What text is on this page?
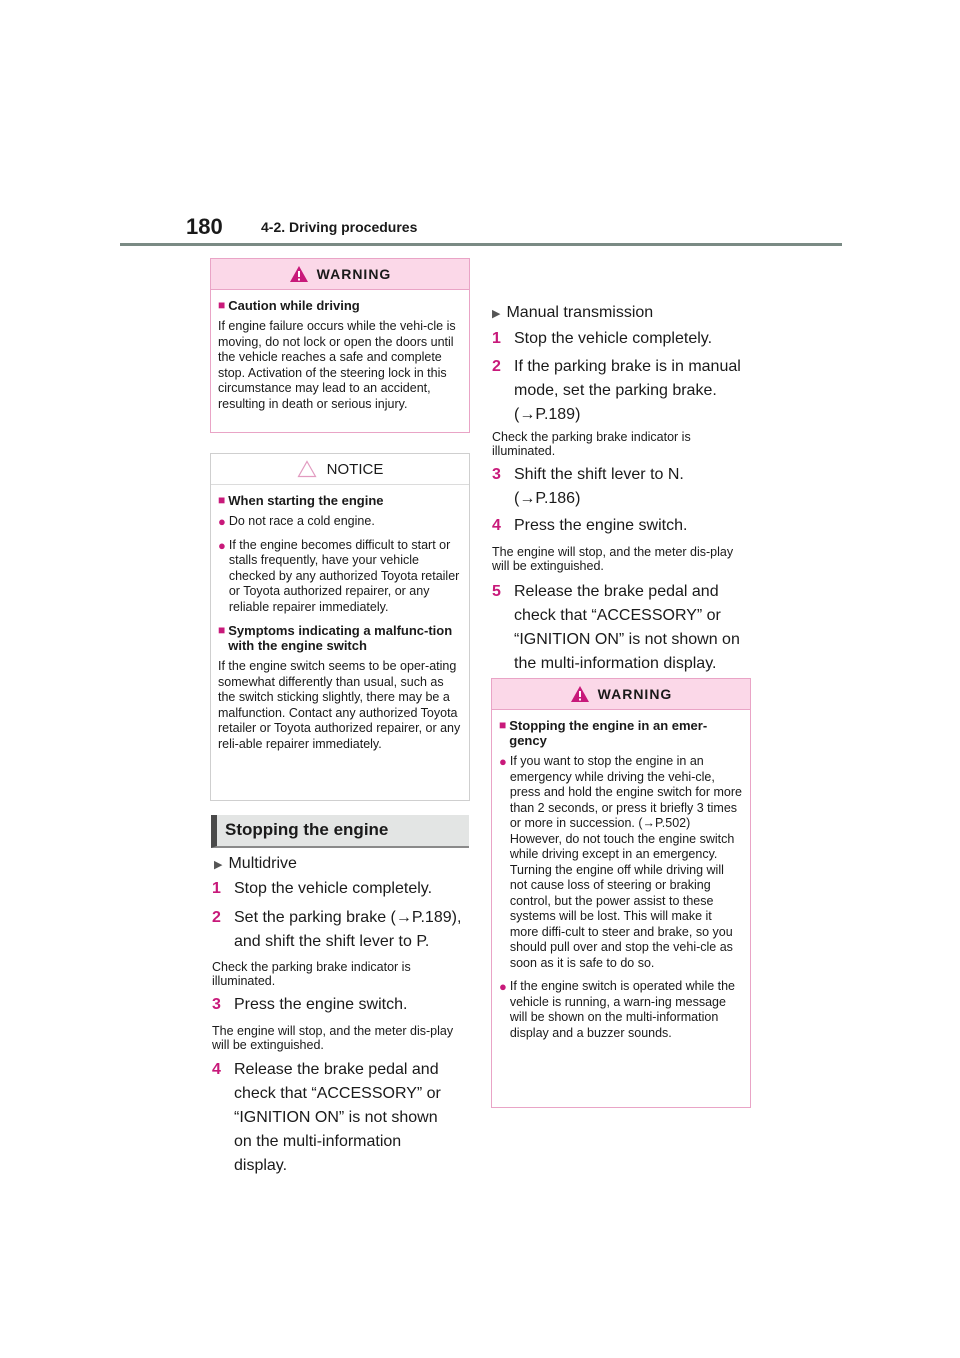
180	4-2. Driving procedures
WARNING
■ Caution while driving

If engine failure occurs while the vehi-cle is moving, do not lock or open the doors until the vehicle reaches a safe and complete stop. Activation of the steering lock in this circumstance may lead to an accident, resulting in death or serious injury.

NOTICE
■ When starting the engine
● Do not race a cold engine.
● If the engine becomes difficult to start or stalls frequently, have your vehicle checked by any authorized Toyota retailer or Toyota authorized repairer, or any reliable repairer immediately.
■ Symptoms indicating a malfunc-tion with the engine switch

If the engine switch seems to be oper-ating somewhat differently than usual, such as the switch sticking slightly, there may be a malfunction. Contact any authorized Toyota retailer or Toyota authorized repairer, or any reli-able repairer immediately.

Stopping the engine
▶ Multidrive
1 Stop the vehicle completely.
2 Set the parking brake (→P.189), and shift the shift lever to P.
Check the parking brake indicator is illuminated.
3 Press the engine switch.
The engine will stop, and the meter dis-play will be extinguished.
4 Release the brake pedal and check that “ACCESSORY” or “IGNITION ON” is not shown on the multi-information display.
▶ Manual transmission
1 Stop the vehicle completely.
2 If the parking brake is in manual mode, set the parking brake. (→P.189)
Check the parking brake indicator is illuminated.
3 Shift the shift lever to N. (→P.186)
4 Press the engine switch.
The engine will stop, and the meter dis-play will be extinguished.
5 Release the brake pedal and check that “ACCESSORY” or “IGNITION ON” is not shown on the multi-information display.
WARNING
■ Stopping the engine in an emer-gency
● If you want to stop the engine in an emergency while driving the vehi-cle, press and hold the engine switch for more than 2 seconds, or press it briefly 3 times or more in succession. (→P.502) However, do not touch the engine switch while driving except in an emergency. Turning the engine off while driving will not cause loss of steering or braking control, but the power assist to these systems will be lost. This will make it more diffi-cult to steer and brake, so you should pull over and stop the vehi-cle as soon as it is safe to do so.
● If the engine switch is operated while the vehicle is running, a warn-ing message will be shown on the multi-information display and a buzzer sounds.
